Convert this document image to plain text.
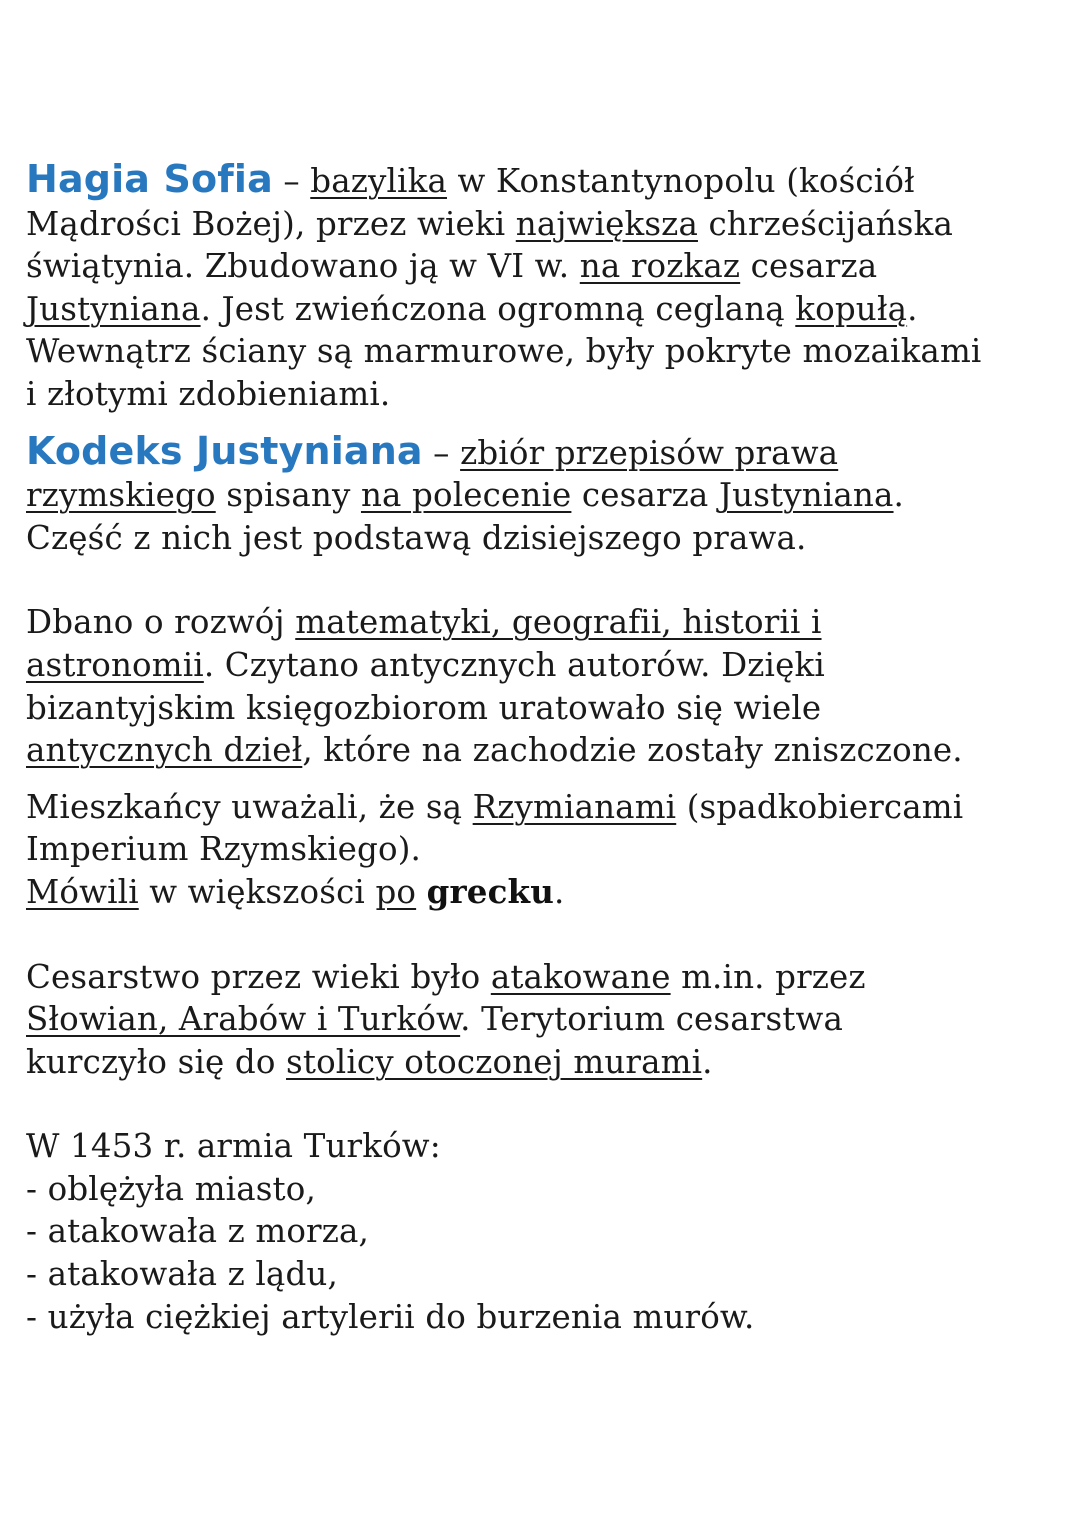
Hagia Sofia – bazylika w Konstantynopolu (kościół
Mądrości Bożej), przez wieki największa chrześcijańska
świątynia. Zbudowano ją w VI w. na rozkaz cesarza
Justyniana. Jest zwieńczona ogromną ceglaną kopułą.
Wewnątrz ściany są marmurowe, były pokryte mozaikami
i złotymi zdobieniami.

Kodeks Justyniana – zbiór przepisów prawa
rzymskiego spisany na polecenie cesarza Justyniana.
Część z nich jest podstawą dzisiejszego prawa.

Dbano o rozwój matematyki, geografii, historii i
astronomii. Czytano antycznych autorów. Dzięki
bizantyjskim księgozbiorom uratowało się wiele
antycznych dzieł, które na zachodzie zostały zniszczone.

Mieszkańcy uważali, że są Rzymianami (spadkobiercami
Imperium Rzymskiego).
Mówili w większości po grecku.

Cesarstwo przez wieki było atakowane m.in. przez
Słowian, Arabów i Turków. Terytorium cesarstwa
kurczyło się do stolicy otoczonej murami.

W 1453 r. armia Turków:
- oblężyła miasto,
- atakowała z morza,
- atakowała z lądu,
- użyła ciężkiej artylerii do burzenia murów.
